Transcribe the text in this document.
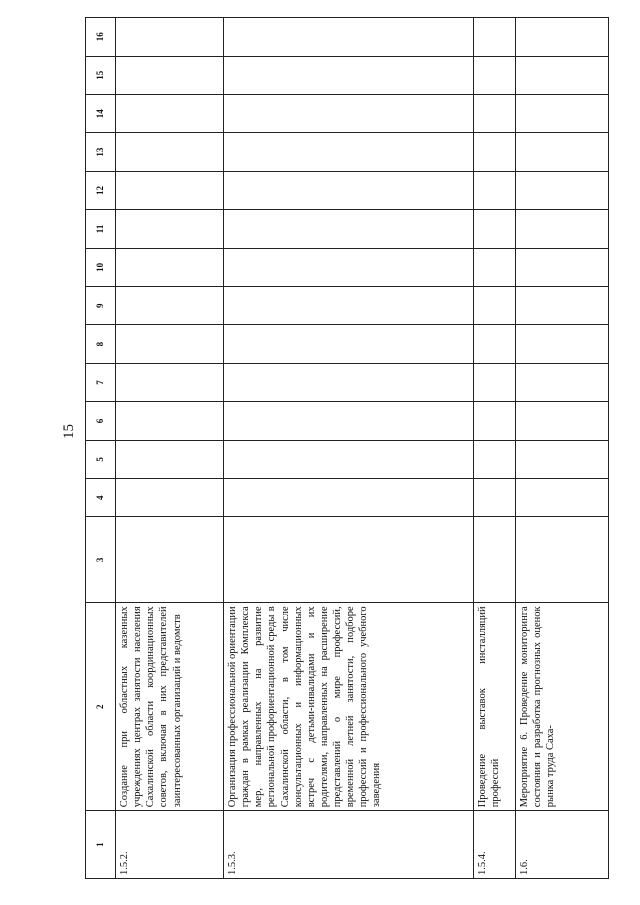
15
1	2	3	4	5	6	7	8	9	10	11	12	13	14	15	16
1.5.2.	Создание при областных казенных учреждениях центрах занятости населения Сахалинской области координационных советов, включая в них представителей заинтересованных организаций и ведомств														
1.5.3.	Организация профессиональной ориентации граждан в рамках реализации Комплекса мер, направленных на развитие региональной профориентационной среды в Сахалинской области, в том числе консультационных и информационных встреч с детьми-инвалидами и их родителями, направленных на расширение представлений о мире профессий, временной летней занятости, подборе профессий и профессионального учебного заведения														
1.5.4.	Проведение выставок инсталляций профессий														
1.6.	Мероприятие 6. Проведение мониторинга состояния и разработка прогнозных оценок рынка труда Саха-														
